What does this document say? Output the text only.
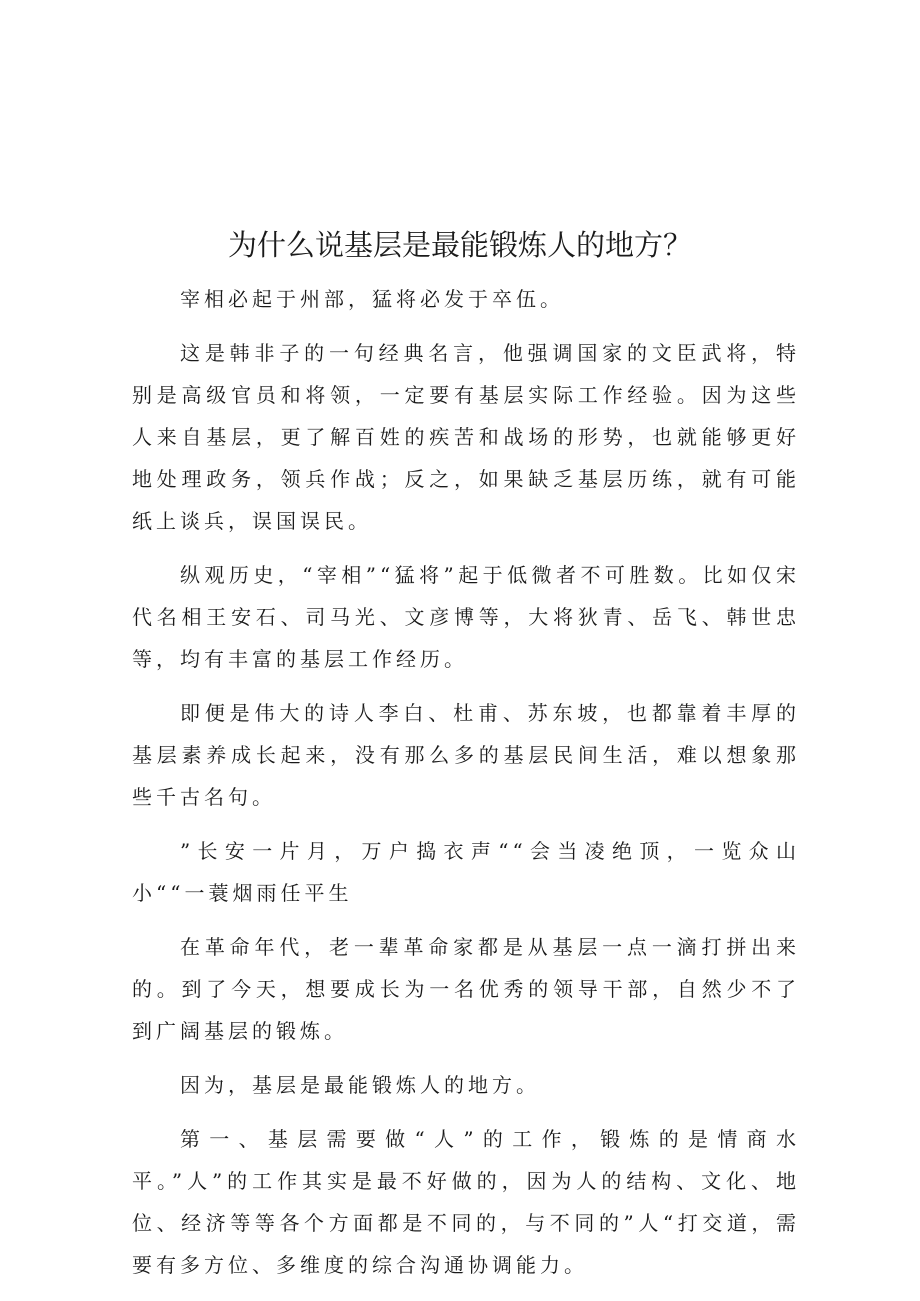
为什么说基层是最能锻炼人的地方？

宰相必起于州部，猛将必发于卒伍。

这是韩非子的一句经典名言，他强调国家的文臣武将，特别是高级官员和将领，一定要有基层实际工作经验。因为这些人来自基层，更了解百姓的疾苦和战场的形势，也就能够更好地处理政务，领兵作战；反之，如果缺乏基层历练，就有可能纸上谈兵，误国误民。

纵观历史，“宰相”“猛将”起于低微者不可胜数。比如仅宋代名相王安石、司马光、文彦博等，大将狄青、岳飞、韩世忠等，均有丰富的基层工作经历。

即便是伟大的诗人李白、杜甫、苏东坡，也都靠着丰厚的基层素养成长起来，没有那么多的基层民间生活，难以想象那些千古名句。

”长安一片月，万户捣衣声““会当凌绝顶，一览众山小““一蓑烟雨任平生

在革命年代，老一辈革命家都是从基层一点一滴打拼出来的。到了今天，想要成长为一名优秀的领导干部，自然少不了到广阔基层的锻炼。

因为，基层是最能锻炼人的地方。

第一、基层需要做“人”的工作，锻炼的是情商水平。”人”的工作其实是最不好做的，因为人的结构、文化、地位、经济等等各个方面都是不同的，与不同的”人“打交道，需要有多方位、多维度的综合沟通协调能力。
